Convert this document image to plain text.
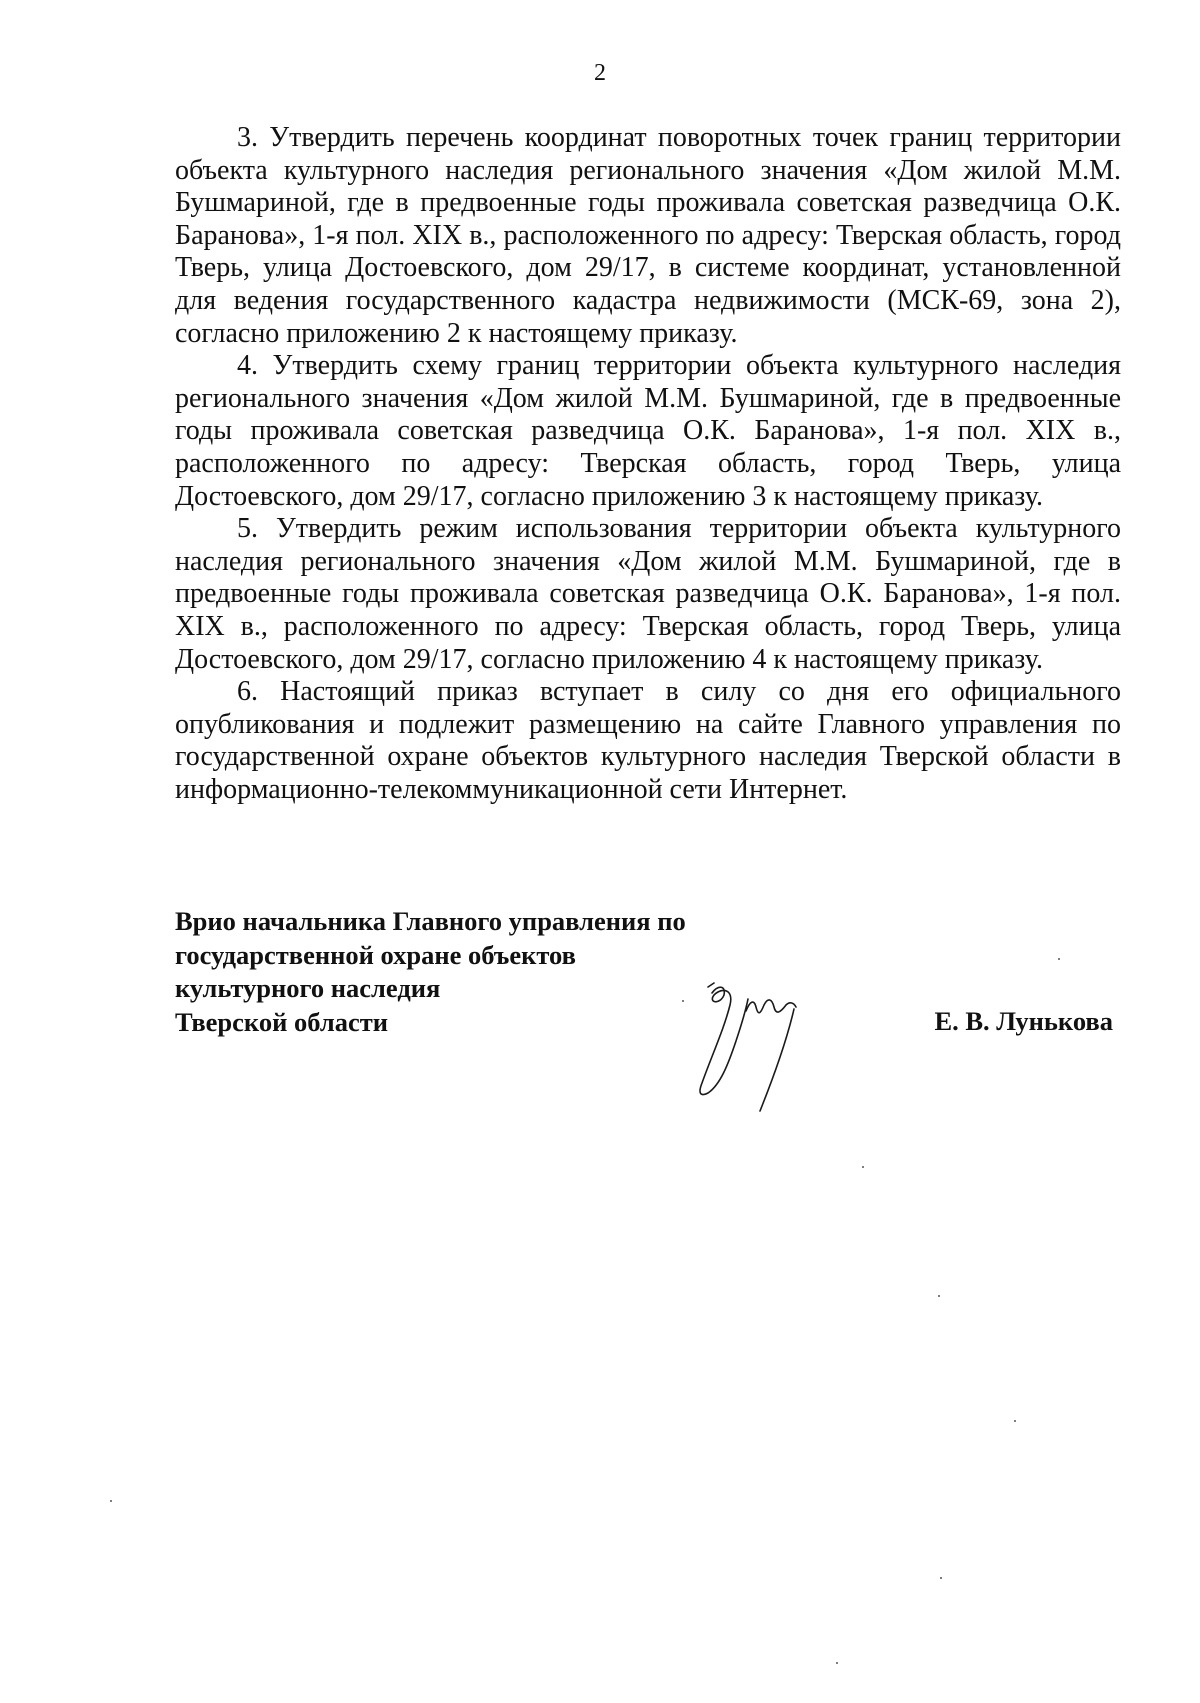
2

3. Утвердить перечень координат поворотных точек границ территории объекта культурного наследия регионального значения «Дом жилой М.М. Бушмариной, где в предвоенные годы проживала советская разведчица О.К. Баранова», 1-я пол. XIX в., расположенного по адресу: Тверская область, город Тверь, улица Достоевского, дом 29/17, в системе координат, установленной для ведения государственного кадастра недвижимости (МСК-69, зона 2), согласно приложению 2 к настоящему приказу.

4. Утвердить схему границ территории объекта культурного наследия регионального значения «Дом жилой М.М. Бушмариной, где в предвоенные годы проживала советская разведчица О.К. Баранова», 1-я пол. XIX в., расположенного по адресу: Тверская область, город Тверь, улица Достоевского, дом 29/17, согласно приложению 3 к настоящему приказу.

5. Утвердить режим использования территории объекта культурного наследия регионального значения «Дом жилой М.М. Бушмариной, где в предвоенные годы проживала советская разведчица О.К. Баранова», 1-я пол. XIX в., расположенного по адресу: Тверская область, город Тверь, улица Достоевского, дом 29/17, согласно приложению 4 к настоящему приказу.

6. Настоящий приказ вступает в силу со дня его официального опубликования и подлежит размещению на сайте Главного управления по государственной охране объектов культурного наследия Тверской области в информационно-телекоммуникационной сети Интернет.

Врио начальника Главного управления по
государственной охране объектов
культурного наследия
Тверской области	Е. В. Лунькова
